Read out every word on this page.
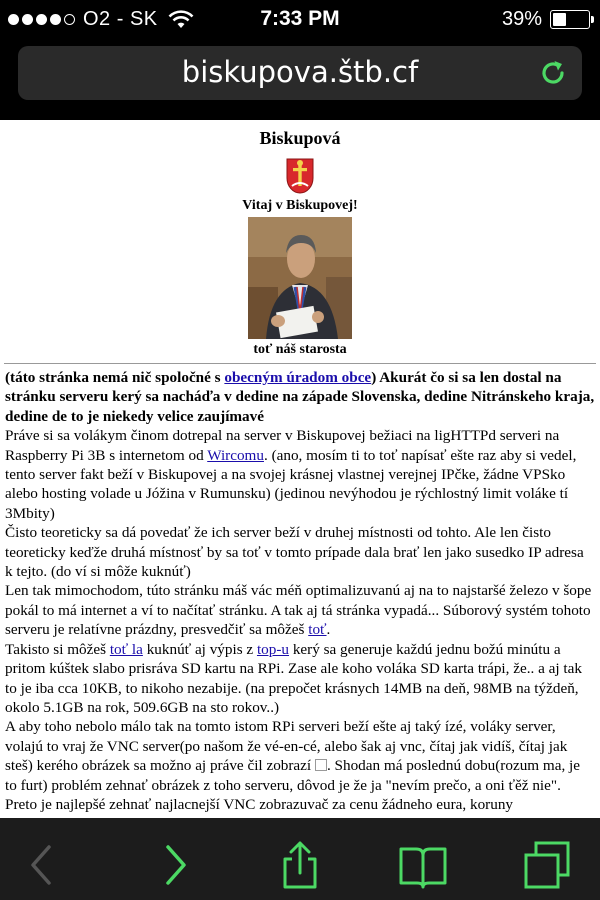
O2 - SK	7:33 PM	39%
biskupova.štb.cf
Biskupová
Vitaj v Biskupovej!
toť náš starosta

(táto stránka nemá nič spoločné s obecným úradom obce) Akurát čo si sa len dostal na stránku serveru kerý sa nacháďa v dedine na západe Slovenska, dedine Nitránskeho kraja, dedine de to je niekedy velice zaujímavé

Práve si sa volákym činom dotrepal na server v Biskupovej bežiaci na ligHTTPd serveri na Raspberry Pi 3B s internetom od Wircomu. (ano, mosím ti to toť napísať ešte raz aby si vedel, tento server fakt beží v Biskupovej a na svojej krásnej vlastnej verejnej IPčke, žádne VPSko alebo hosting volade u Jóžina v Rumunsku) (jedinou nevýhodou je rýchlostný limit voláke tí 3Mbity)

Čisto teoreticky sa dá povedať že ich server beží v druhej místnosti od tohto. Ale len čisto teoreticky keďže druhá místnosť by sa toť v tomto prípade dala brať len jako susedko IP adresa k tejto. (do ví si môže kuknúť)

Len tak mimochodom, túto stránku máš vác méň optimalizuvanú aj na to najstaršé železo v šope pokál to má internet a ví to načítať stránku. A tak aj tá stránka vypadá... Súborový systém tohoto serveru je relatívne prázdny, presvedčiť sa môžeš toť.

Takisto si môžeš toť la kuknúť aj výpis z top-u kerý sa generuje každú jednu božú minútu a pritom kúštek slabo prisráva SD kartu na RPi. Zase ale koho voláka SD karta trápi, že.. a aj tak to je iba cca 10KB, to nikoho nezabije. (na prepočet krásnych 14MB na deň, 98MB na týždeň, okolo 5.1GB na rok, 509.6GB na sto rokov..)

A aby toho nebolo málo tak na tomto istom RPi serveri beží ešte aj taký ízé, voláky server, volajú to vraj že VNC server(po našom že vé-en-cé, alebo šak aj vnc, čítaj jak vidíš, čítaj jak steš) kerého obrázek sa možno aj práve čil zobrazí . Shodan má poslednú dobu(rozum ma, je to furt) problém zehnať obrázek z toho serveru, dôvod je že ja "nevím prečo, a oni ťěž nie". Preto je najlepšé zehnať najlacnejší VNC zobrazuvač za cenu žádneho eura, koruny
